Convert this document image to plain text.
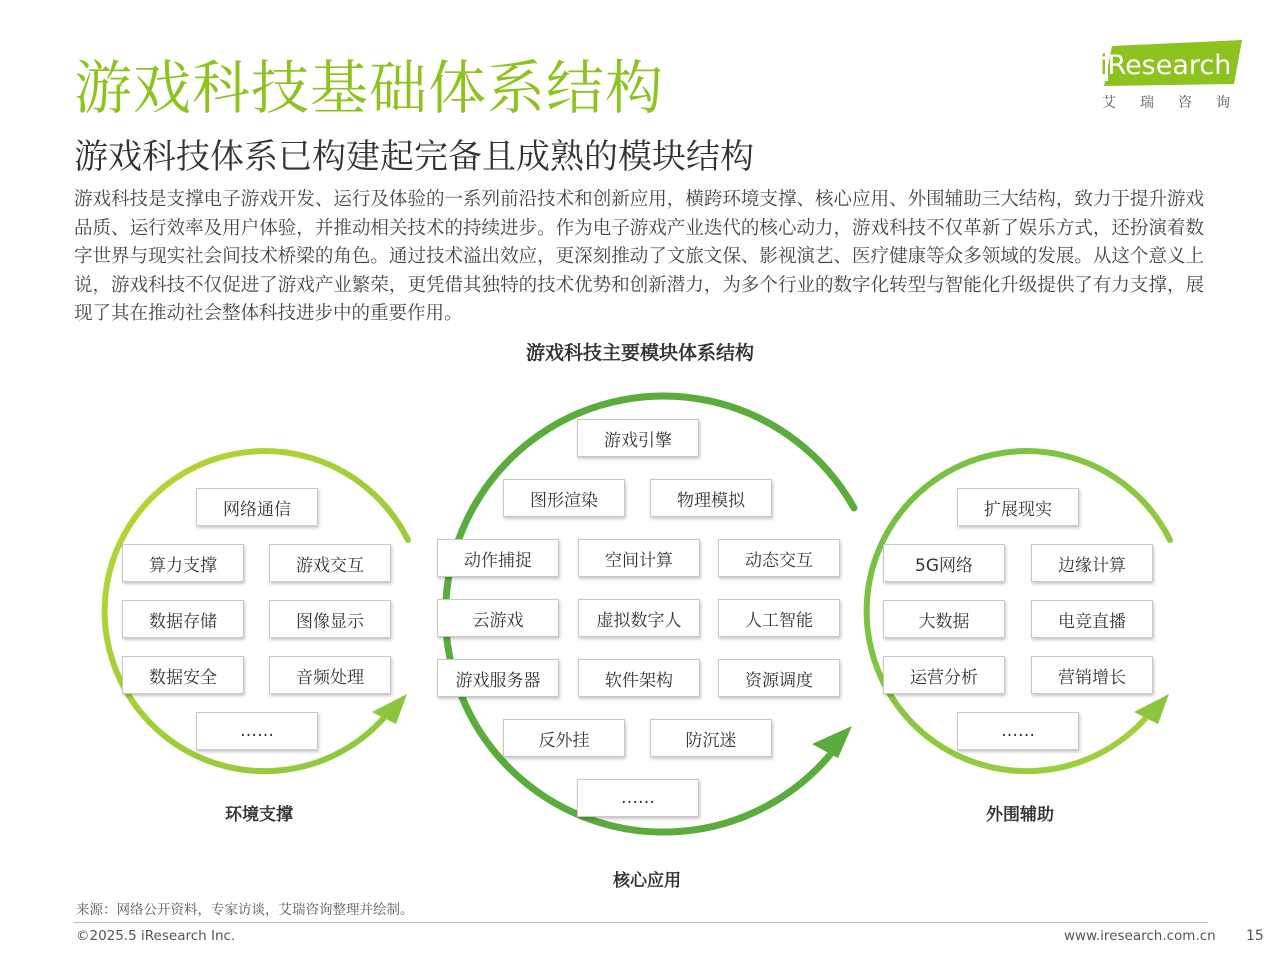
游戏科技基础体系结构
游戏科技体系已构建起完备且成熟的模块结构
游戏科技是支撑电子游戏开发、运行及体验的一系列前沿技术和创新应用，横跨环境支撑、核心应用、外围辅助三大结构，致力于提升游戏品质、运行效率及用户体验，并推动相关技术的持续进步。作为电子游戏产业迭代的核心动力，游戏科技不仅革新了娱乐方式，还扮演着数字世界与现实社会间技术桥梁的角色。通过技术溢出效应，更深刻推动了文旅文保、影视演艺、医疗健康等众多领域的发展。从这个意义上说，游戏科技不仅促进了游戏产业繁荣，更凭借其独特的技术优势和创新潜力，为多个行业的数字化转型与智能化升级提供了有力支撑，展现了其在推动社会整体科技进步中的重要作用。
iResearch
艾瑞咨询
游戏科技主要模块体系结构
网络通信
算力支撑	游戏交互
数据存储	图像显示
数据安全	音频处理
……
环境支撑
游戏引擎
图形渲染	物理模拟
动作捕捉	空间计算	动态交互
云游戏	虚拟数字人	人工智能
游戏服务器	软件架构	资源调度
反外挂	防沉迷
……
核心应用
扩展现实
5G网络	边缘计算
大数据	电竞直播
运营分析	营销增长
……
外围辅助
来源：网络公开资料，专家访谈，艾瑞咨询整理并绘制。
©2025.5 iResearch Inc.	www.iresearch.com.cn 15
